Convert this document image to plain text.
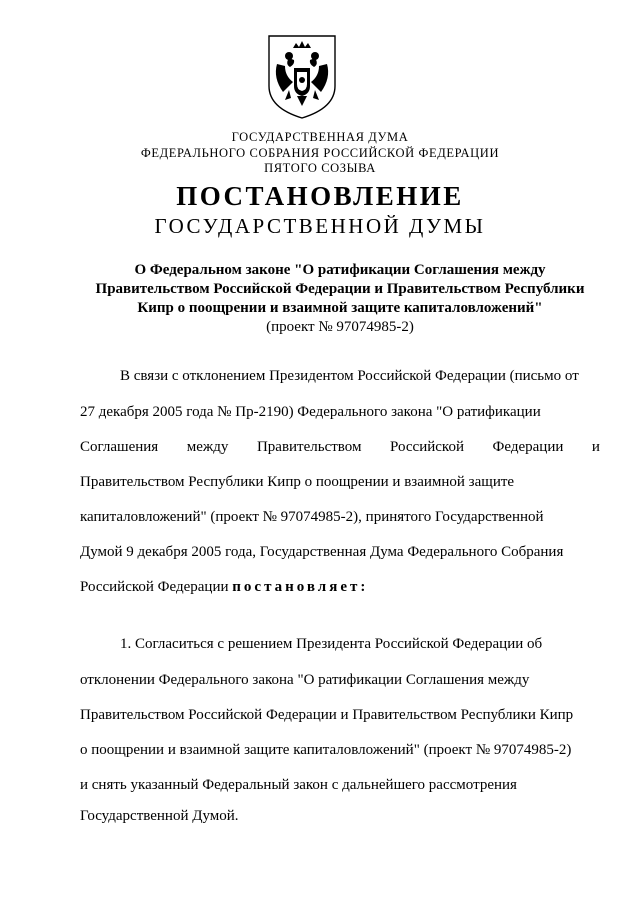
ГОСУДАРСТВЕННАЯ ДУМА
ФЕДЕРАЛЬНОГО СОБРАНИЯ РОССИЙСКОЙ ФЕДЕРАЦИИ
ПЯТОГО СОЗЫВА
ПОСТАНОВЛЕНИЕ
ГОСУДАРСТВЕННОЙ ДУМЫ
О Федеральном законе "О ратификации Соглашения между
Правительством Российской Федерации и Правительством Республики
Кипр о поощрении и взаимной защите капиталовложений"
(проект № 97074985-2)
В связи с отклонением Президентом Российской Федерации (письмо от
27 декабря 2005 года № Пр-2190) Федерального закона "О ратификации
Соглашения между Правительством Российской Федерации и
Правительством Республики Кипр о поощрении и взаимной защите
капиталовложений" (проект № 97074985-2), принятого Государственной
Думой 9 декабря 2005 года, Государственная Дума Федерального Собрания
Российской Федерации постановляет:
1. Согласиться с решением Президента Российской Федерации об
отклонении Федерального закона "О ратификации Соглашения между
Правительством Российской Федерации и Правительством Республики Кипр
о поощрении и взаимной защите капиталовложений" (проект № 97074985-2)
и снять указанный Федеральный закон с дальнейшего рассмотрения
Государственной Думой.
